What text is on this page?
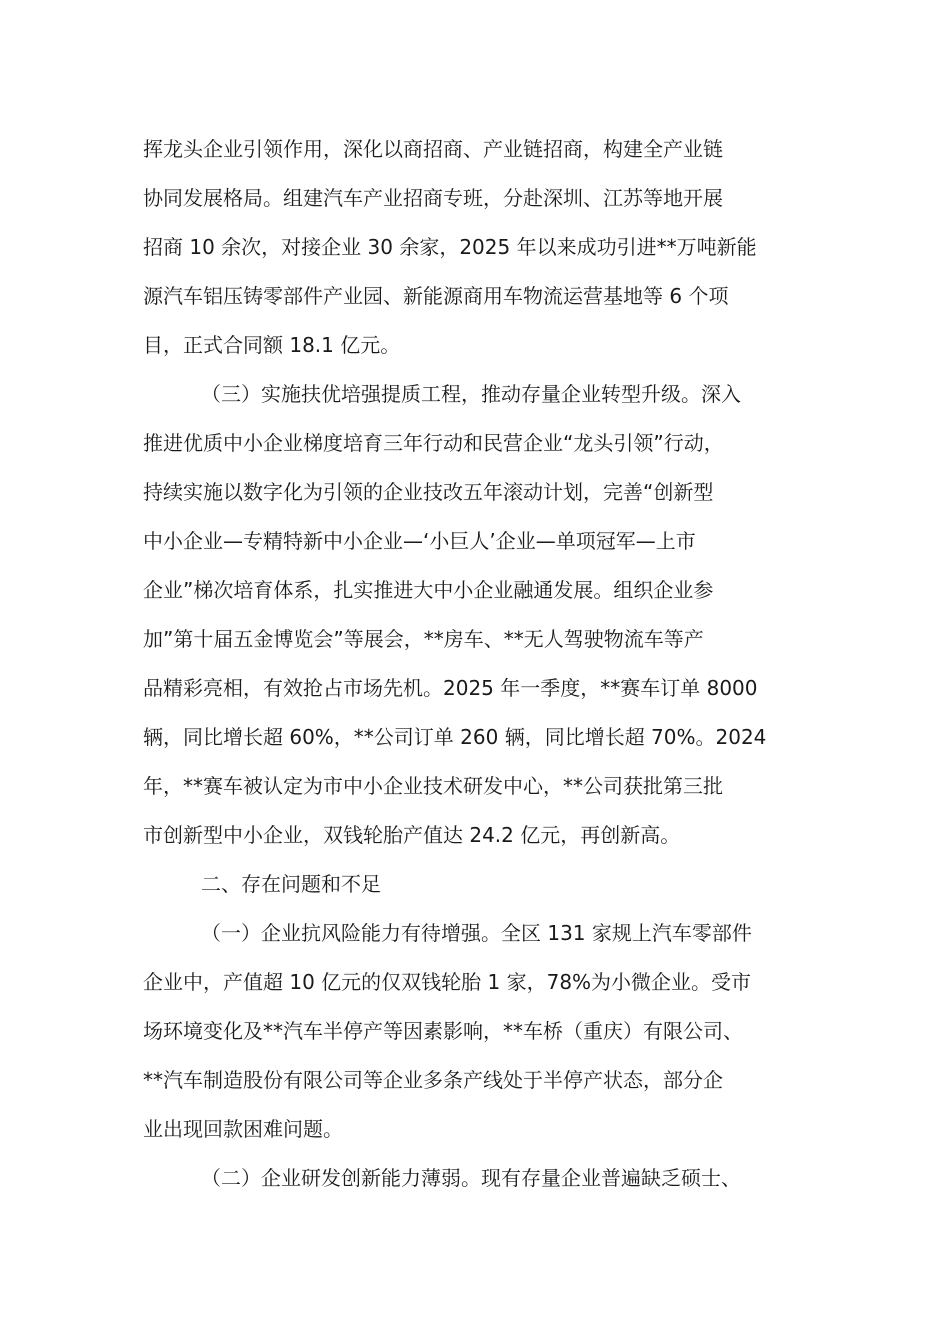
挥龙头企业引领作用，深化以商招商、产业链招商，构建全产业链
协同发展格局。组建汽车产业招商专班，分赴深圳、江苏等地开展
招商 10 余次，对接企业 30 余家，2025 年以来成功引进**万吨新能
源汽车铝压铸零部件产业园、新能源商用车物流运营基地等 6 个项
目，正式合同额 18.1 亿元。
（三）实施扶优培强提质工程，推动存量企业转型升级。深入
推进优质中小企业梯度培育三年行动和民营企业“龙头引领”行动，
持续实施以数字化为引领的企业技改五年滚动计划，完善“创新型
中小企业—专精特新中小企业—‘小巨人’企业—单项冠军—上市
企业”梯次培育体系，扎实推进大中小企业融通发展。组织企业参
加”第十届五金博览会”等展会，**房车、**无人驾驶物流车等产
品精彩亮相，有效抢占市场先机。2025 年一季度，**赛车订单 8000
辆，同比增长超 60%，**公司订单 260 辆，同比增长超 70%。2024
年，**赛车被认定为市中小企业技术研发中心，**公司获批第三批
市创新型中小企业，双钱轮胎产值达 24.2 亿元，再创新高。
二、存在问题和不足
（一）企业抗风险能力有待增强。全区 131 家规上汽车零部件
企业中，产值超 10 亿元的仅双钱轮胎 1 家，78%为小微企业。受市
场环境变化及**汽车半停产等因素影响，**车桥（重庆）有限公司、
**汽车制造股份有限公司等企业多条产线处于半停产状态，部分企
业出现回款困难问题。
（二）企业研发创新能力薄弱。现有存量企业普遍缺乏硕士、
